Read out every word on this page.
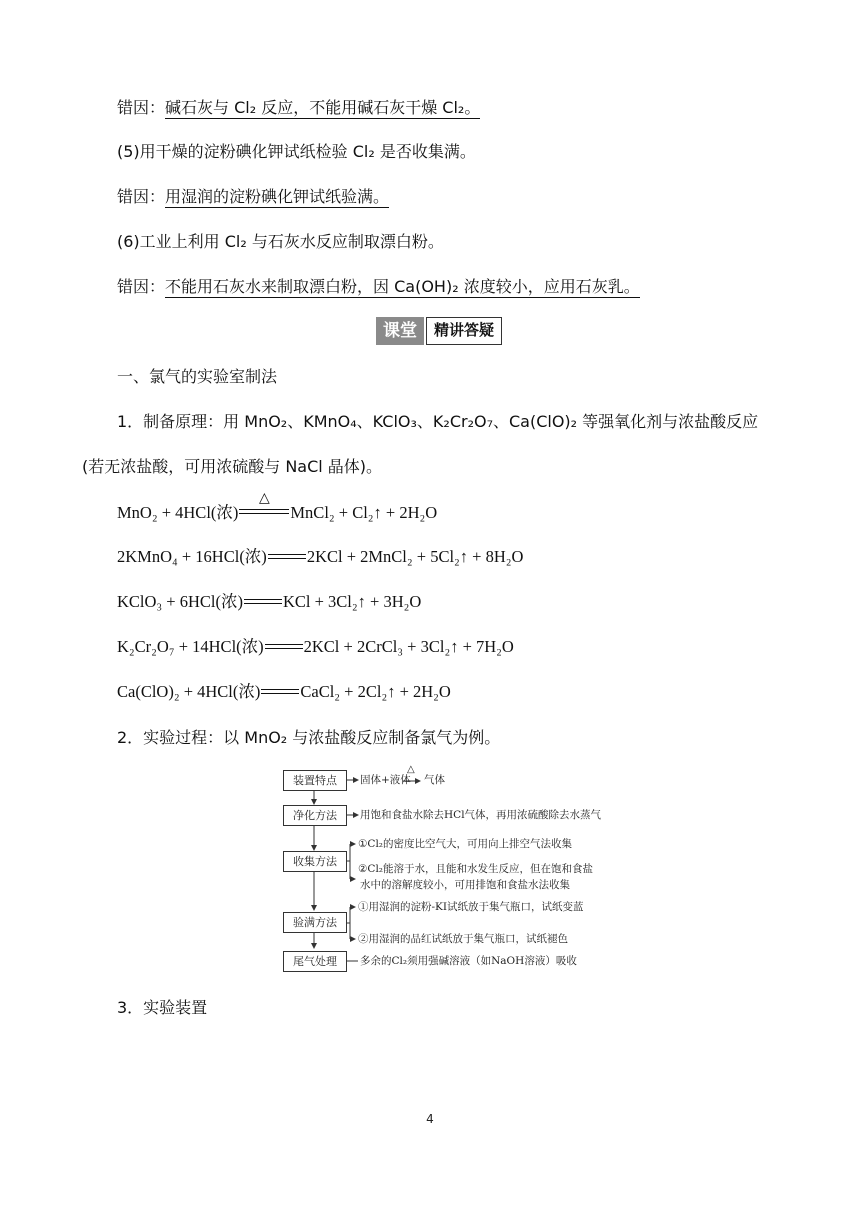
错因：碱石灰与 Cl₂ 反应，不能用碱石灰干燥 Cl₂。
(5)用干燥的淀粉碘化钾试纸检验 Cl₂ 是否收集满。
错因：用湿润的淀粉碘化钾试纸验满。
(6)工业上利用 Cl₂ 与石灰水反应制取漂白粉。
错因：不能用石灰水来制取漂白粉，因 Ca(OH)₂ 浓度较小，应用石灰乳。
课堂	精讲答疑
一、氯气的实验室制法
1．制备原理：用 MnO₂、KMnO₄、KClO₃、K₂Cr₂O₇、Ca(ClO)₂ 等强氧化剂与浓盐酸反应
(若无浓盐酸，可用浓硫酸与 NaCl 晶体)。
MnO₂ + 4HCl(浓)
△
MnCl₂ + Cl₂↑ + 2H₂O
2KMnO₄ + 16HCl(浓) 2KCl + 2MnCl₂ + 5Cl₂↑ + 8H₂O
KClO₃ + 6HCl(浓) KCl + 3Cl₂↑ + 3H₂O
K₂Cr₂O₇ + 14HCl(浓) 2KCl + 2CrCl₃ + 3Cl₂↑ + 7H₂O
Ca(ClO)₂ + 4HCl(浓) CaCl₂ + 2Cl₂↑ + 2H₂O
2．实验过程：以 MnO₂ 与浓盐酸反应制备氯气为例。
装置特点
净化方法
收集方法
验满方法
尾气处理
固体+液体
△
气体
用饱和食盐水除去HCl气体，再用浓硫酸除去水蒸气
①Cl₂的密度比空气大，可用向上排空气法收集
②Cl₂能溶于水，且能和水发生反应，但在饱和食盐
水中的溶解度较小，可用排饱和食盐水法收集
①用湿润的淀粉-KI试纸放于集气瓶口，试纸变蓝
②用湿润的品红试纸放于集气瓶口，试纸褪色
多余的Cl₂须用强碱溶液（如NaOH溶液）吸收
3．实验装置
4
